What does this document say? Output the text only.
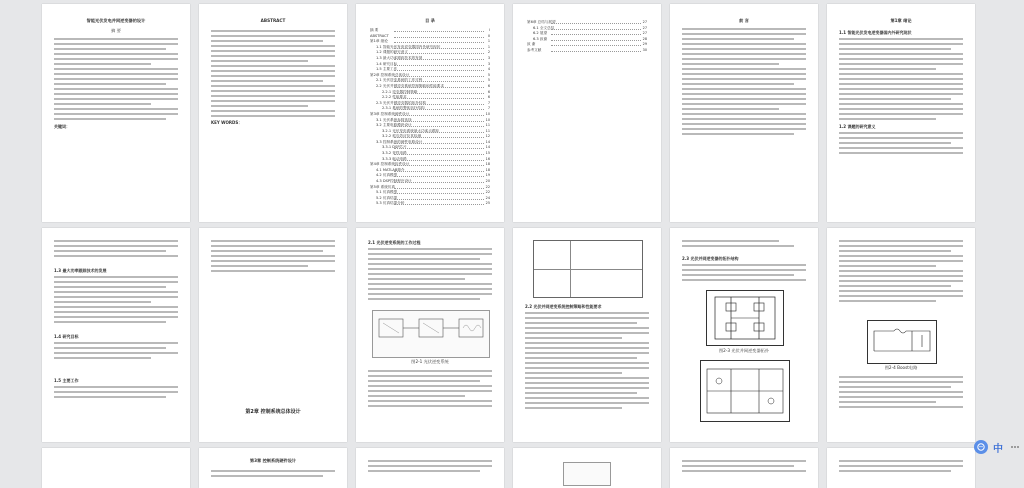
智能光伏发电并网逆变器的设计
摘 要
关键词：
ABSTRACT
KEY WORDS：
目 录
摘 要	I
ABSTRACT	II
第1章 绪论	1
1.1 智能光伏发电逆变器国内外研究现状	1
1.2 课题的研究意义	2
1.3 最大功率跟踪技术的发展	3
1.4 研究目标	3
1.5 主要工作	4
第2章 控制系统总体设计	5
2.1 光伏逆变系统的工作过程	5
2.2 光伏并网逆变系统控制策略和性能要求	6
2.2.1 逆变器控制策略	6
2.2.2 性能要求	6
2.3 光伏并网逆变器的拓扑结构	7
2.3.1 系统的整体拓扑结构	7
第3章 控制系统硬件设计	10
3.1 光伏系统参数选择	10
3.2 主要电路模块设计	11
3.2.1 光伏发电系统最大功率点跟踪	11
3.2.2 孤岛效应及其检测	12
3.3 控制系统的硬件电路设计	14
3.3.1 DSP芯片	14
3.3.2 采样电路	15
3.3.3 驱动电路	16
第4章 控制系统软件设计	18
4.1 MATLAB简介	18
4.2 仿真模型	19
4.3 DSP控制程序设计	20
第5章 系统仿真	22
5.1 仿真模型	22
5.2 仿真结果	24
5.3 仿真结果分析	25
第6章 总结与展望	27
6.1 全文总结	27
6.2 展望	27
6.3 致谢	28
致 谢	29
参考文献	30
前 言	第1章 绪论
1.1 智能光伏发电逆变器国内外研究现状
1.2 课题的研究意义
1.3 最大功率跟踪技术的发展
1.4 研究目标
1.5 主要工作
第2章 控制系统总体设计
2.1 光伏逆变系统的工作过程
图2-1 光伏逆变系统
2.2 光伏并网逆变系统控制策略和性能要求
2.3 光伏并网逆变器的拓扑结构
图2-3 光伏并网逆变器拓扑
图2-4 Boost电路
第3章 控制系统硬件设计
中
